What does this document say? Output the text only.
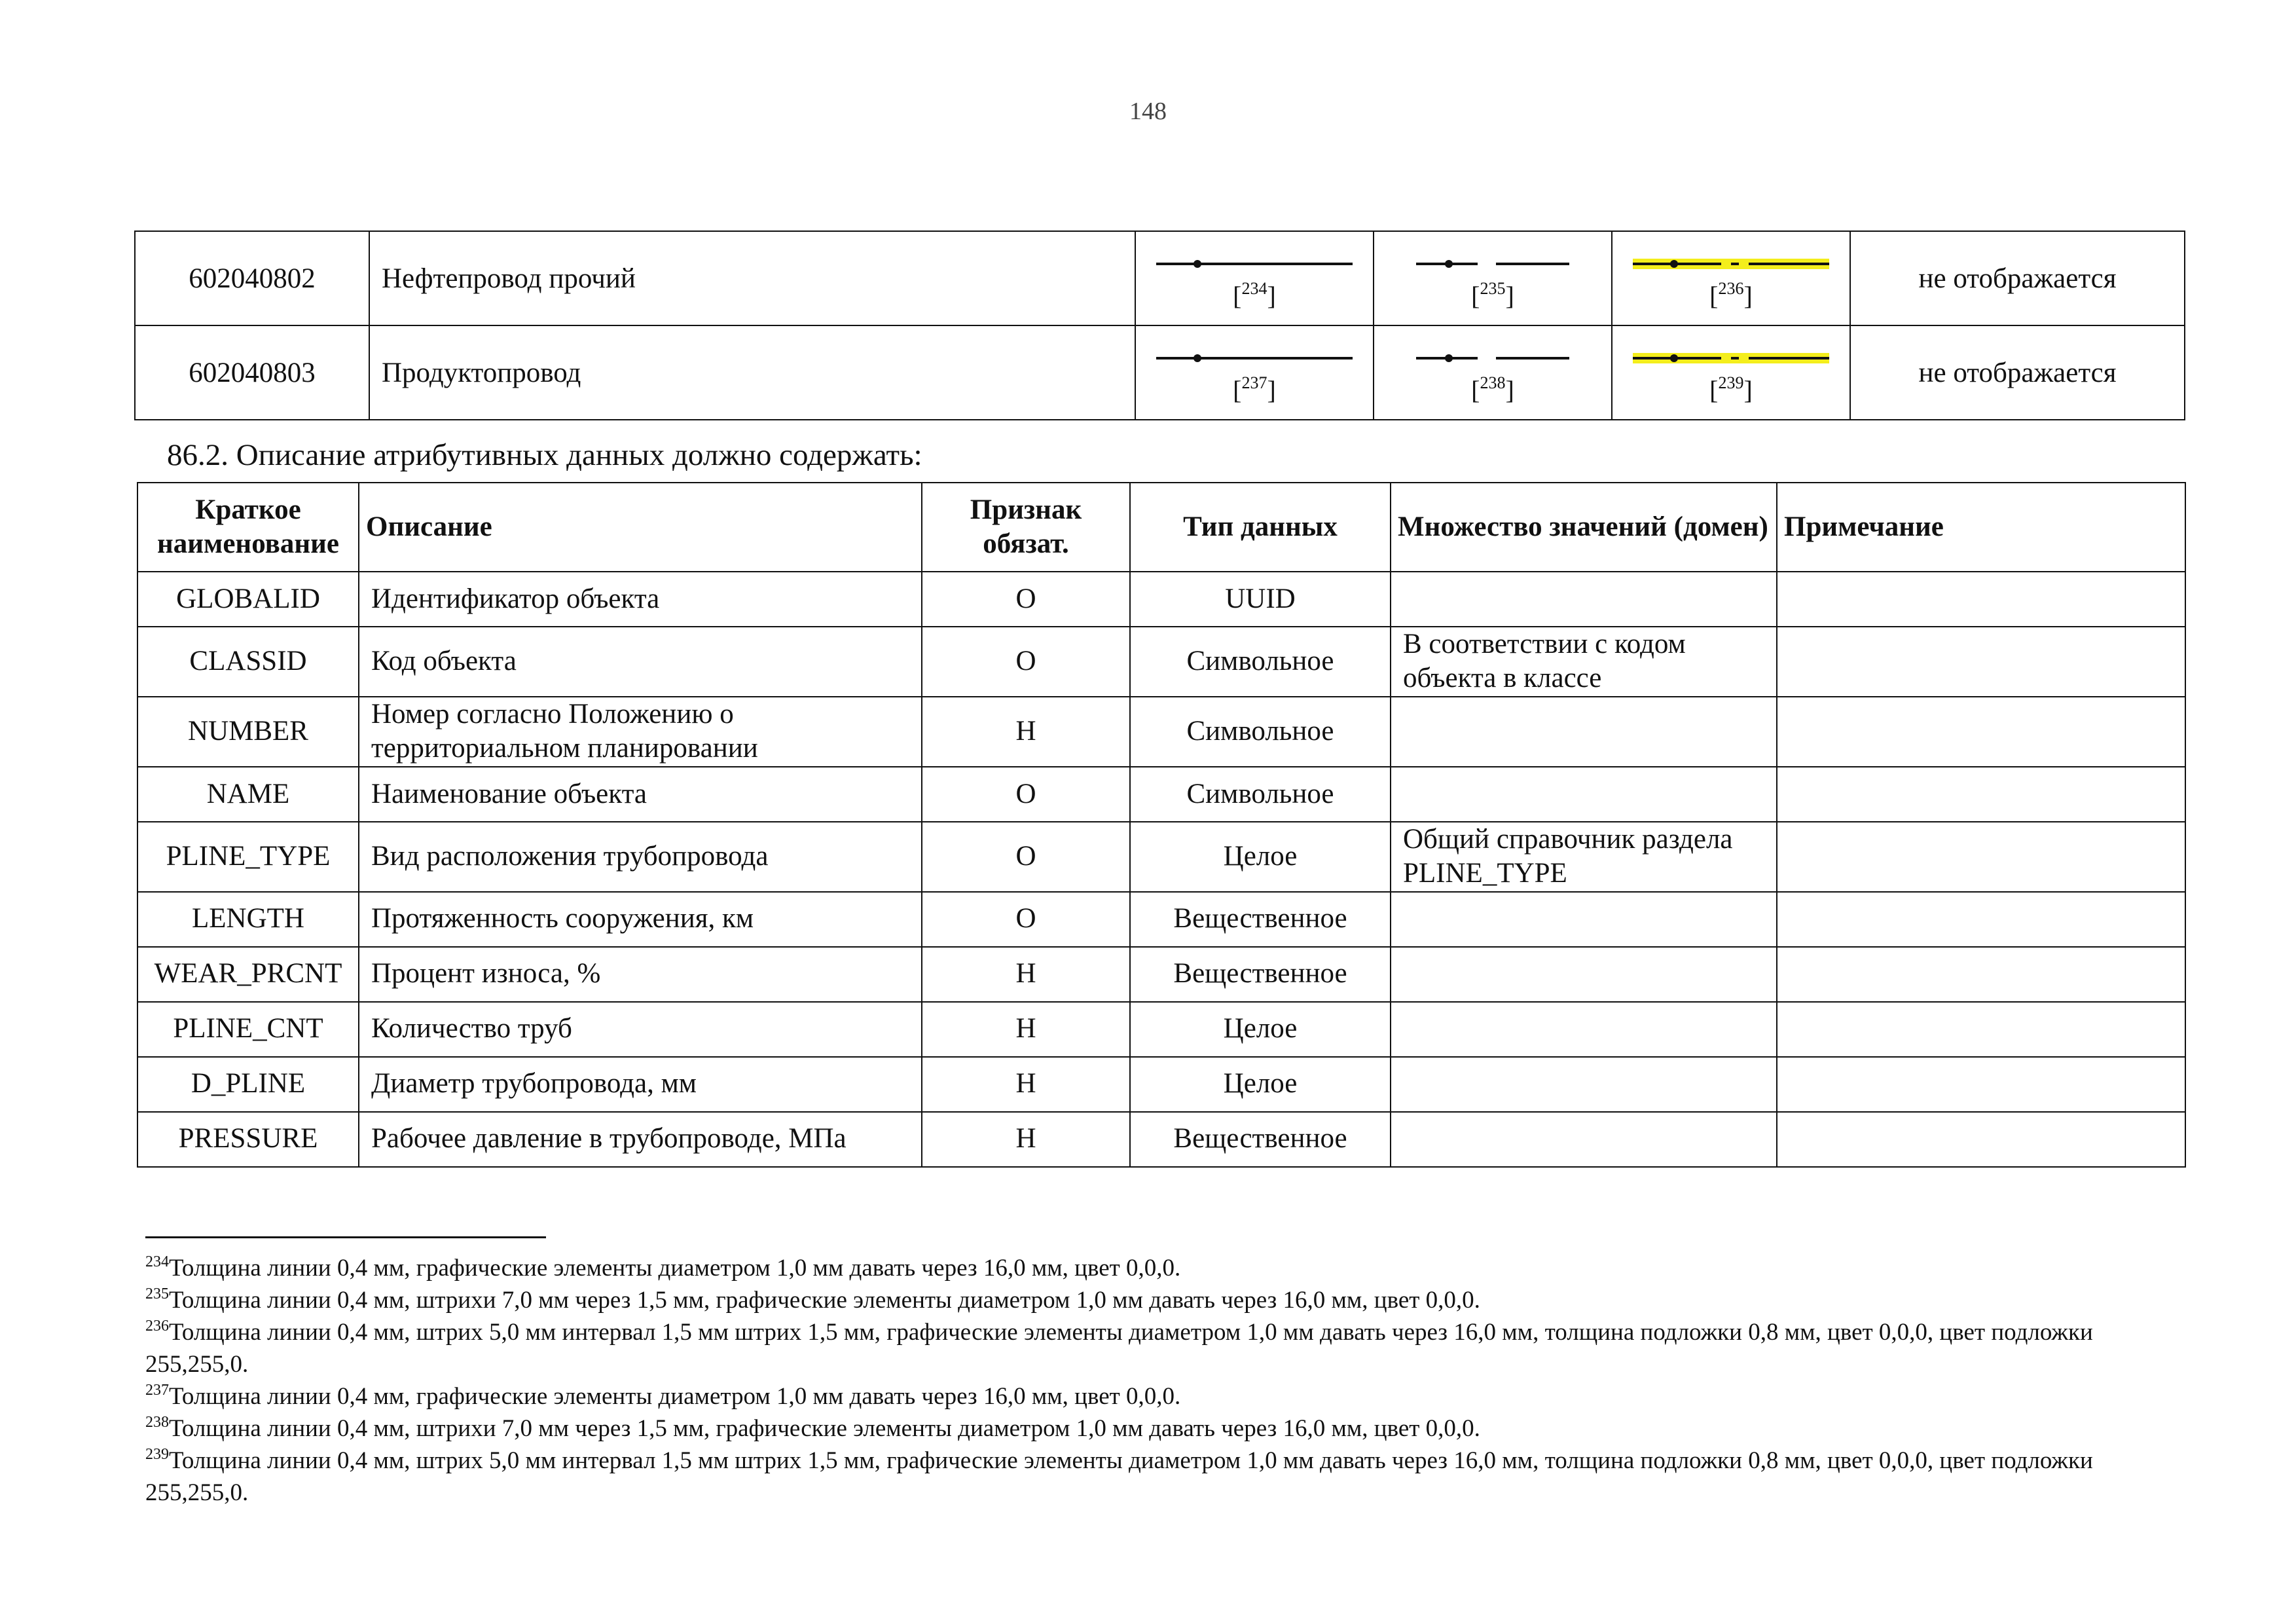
148
602040802	Нефтепровод прочий	[$^{234}$]	[$^{235}$]	[$^{236}$]	не отображается
602040803	Продуктопровод	[$^{237}$]	[$^{238}$]	[$^{239}$]	не отображается
86.2. Описание атрибутивных данных должно содержать:
Краткое наименование	Описание	Признак обязат.	Тип данных	Множество значений (домен)	Примечание
GLOBALID	Идентификатор объекта	О	UUID		
CLASSID	Код объекта	О	Символьное	В соответствии с кодом объекта в классе	
NUMBER	Номер согласно Положению о территориальном планировании	Н	Символьное		
NAME	Наименование объекта	О	Символьное		
PLINE_TYPE	Вид расположения трубопровода	О	Целое	Общий справочник раздела PLINE_TYPE	
LENGTH	Протяженность сооружения, км	О	Вещественное		
WEAR_PRCNT	Процент износа, %	Н	Вещественное		
PLINE_CNT	Количество труб	Н	Целое		
D_PLINE	Диаметр трубопровода, мм	Н	Целое		
PRESSURE	Рабочее давление в трубопроводе, МПа	Н	Вещественное		
$^{234}$Толщина линии 0,4 мм, графические элементы диаметром 1,0 мм давать через 16,0 мм, цвет 0,0,0.
$^{235}$Толщина линии 0,4 мм, штрихи 7,0 мм через 1,5 мм, графические элементы диаметром 1,0 мм давать через 16,0 мм, цвет 0,0,0.
$^{236}$Толщина линии 0,4 мм, штрих 5,0 мм интервал 1,5 мм штрих 1,5 мм, графические элементы диаметром 1,0 мм давать через 16,0 мм, толщина подложки 0,8 мм, цвет 0,0,0, цвет подложки 255,255,0.
$^{237}$Толщина линии 0,4 мм, графические элементы диаметром 1,0 мм давать через 16,0 мм, цвет 0,0,0.
$^{238}$Толщина линии 0,4 мм, штрихи 7,0 мм через 1,5 мм, графические элементы диаметром 1,0 мм давать через 16,0 мм, цвет 0,0,0.
$^{239}$Толщина линии 0,4 мм, штрих 5,0 мм интервал 1,5 мм штрих 1,5 мм, графические элементы диаметром 1,0 мм давать через 16,0 мм, толщина подложки 0,8 мм, цвет 0,0,0, цвет подложки 255,255,0.
